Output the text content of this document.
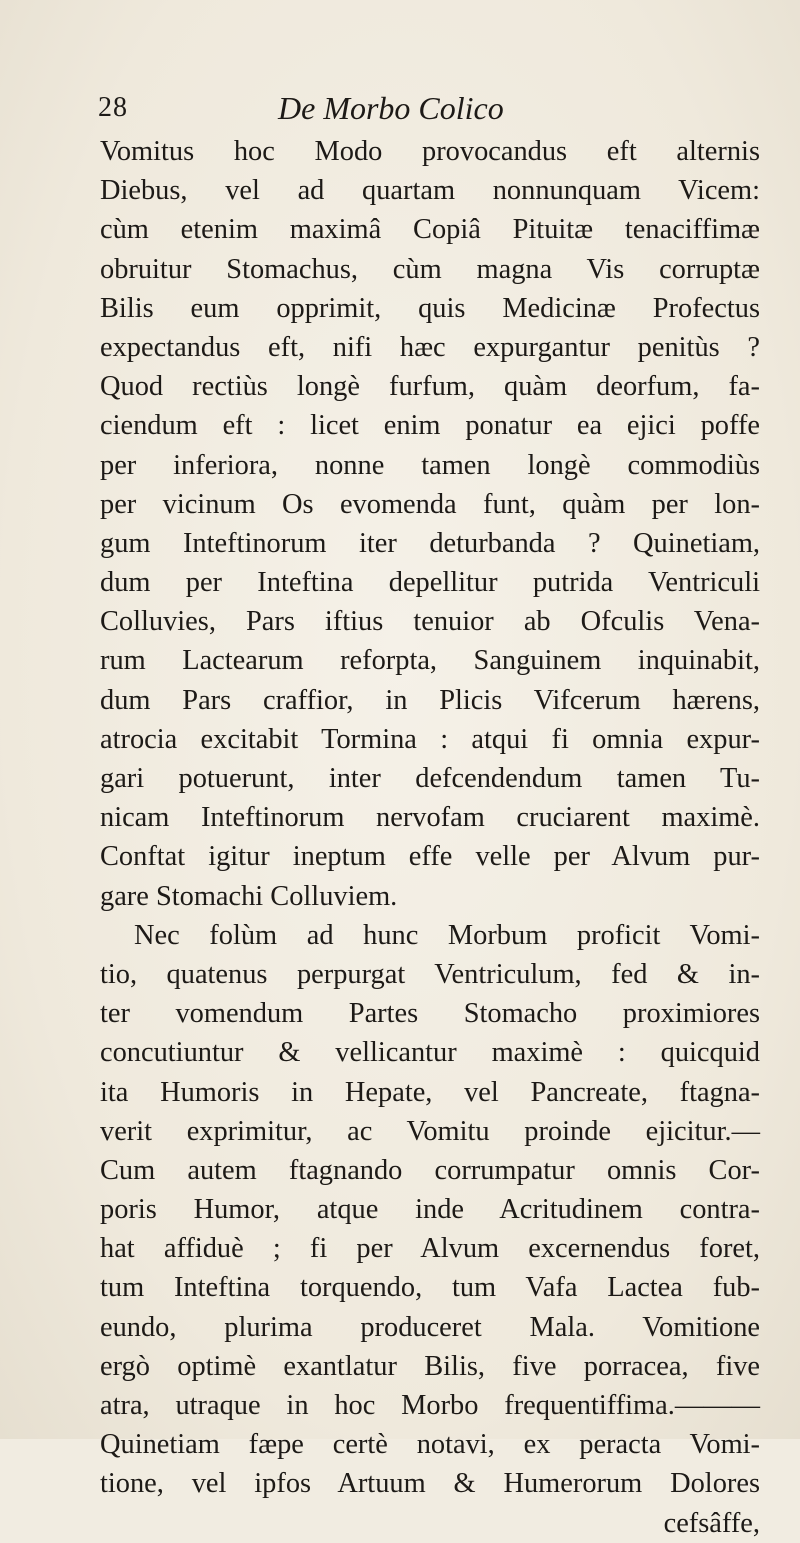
28	De Morbo Colico
Vomitus hoc Modo provocandus eft alternis
Diebus, vel ad quartam nonnunquam Vicem:
cùm etenim maximâ Copiâ Pituitæ tenaciffimæ
obruitur Stomachus, cùm magna Vis corruptæ
Bilis eum opprimit, quis Medicinæ Profectus
expectandus eft, nifi hæc expurgantur penitùs ?
Quod rectiùs longè furfum, quàm deorfum, fa-
ciendum eft : licet enim ponatur ea ejici poffe
per inferiora, nonne tamen longè commodiùs
per vicinum Os evomenda funt, quàm per lon-
gum Inteftinorum iter deturbanda ? Quinetiam,
dum per Inteftina depellitur putrida Ventriculi
Colluvies, Pars iftius tenuior ab Ofculis Vena-
rum Lactearum reforpta, Sanguinem inquinabit,
dum Pars craffior, in Plicis Vifcerum hærens,
atrocia excitabit Tormina : atqui fi omnia expur-
gari potuerunt, inter defcendendum tamen Tu-
nicam Inteftinorum nervofam cruciarent maximè.
Conftat igitur ineptum effe velle per Alvum pur-
gare Stomachi Colluviem.
Nec folùm ad hunc Morbum proficit Vomi-
tio, quatenus perpurgat Ventriculum, fed & in-
ter vomendum Partes Stomacho proximiores
concutiuntur & vellicantur maximè : quicquid
ita Humoris in Hepate, vel Pancreate, ftagna-
verit exprimitur, ac Vomitu proinde ejicitur.—
Cum autem ftagnando corrumpatur omnis Cor-
poris Humor, atque inde Acritudinem contra-
hat affiduè ; fi per Alvum excernendus foret,
tum Inteftina torquendo, tum Vafa Lactea fub-
eundo, plurima produceret Mala. Vomitione
ergò optimè exantlatur Bilis, five porracea, five
atra, utraque in hoc Morbo frequentiffima.———
Quinetiam fæpe certè notavi, ex peracta Vomi-
tione, vel ipfos Artuum & Humerorum Dolores
cefsâffe,
